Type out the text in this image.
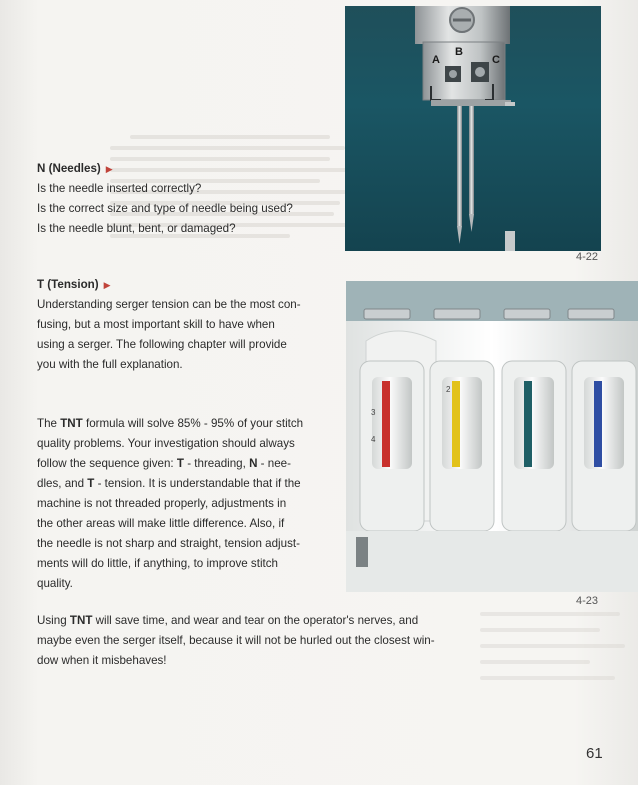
N (Needles) ▶
Is the needle inserted correctly?
Is the correct size and type of needle being used?
Is the needle blunt, bent, or damaged?
T (Tension) ▶
Understanding serger tension can be the most con-
fusing, but a most important skill to have when
using a serger. The following chapter will provide
you with the full explanation.
The TNT formula will solve 85% - 95% of your stitch
quality problems. Your investigation should always
follow the sequence given: T - threading, N - nee-
dles, and T - tension. It is understandable that if the
machine is not threaded properly, adjustments in
the other areas will make little difference. Also, if
the needle is not sharp and straight, tension adjust-
ments will do little, if anything, to improve stitch
quality.
Using TNT will save time, and wear and tear on the operator's nerves, and
maybe even the serger itself, because it will not be hurled out the closest win-
dow when it misbehaves!
A
B
C
4-22
3
4
2
4-23
61
